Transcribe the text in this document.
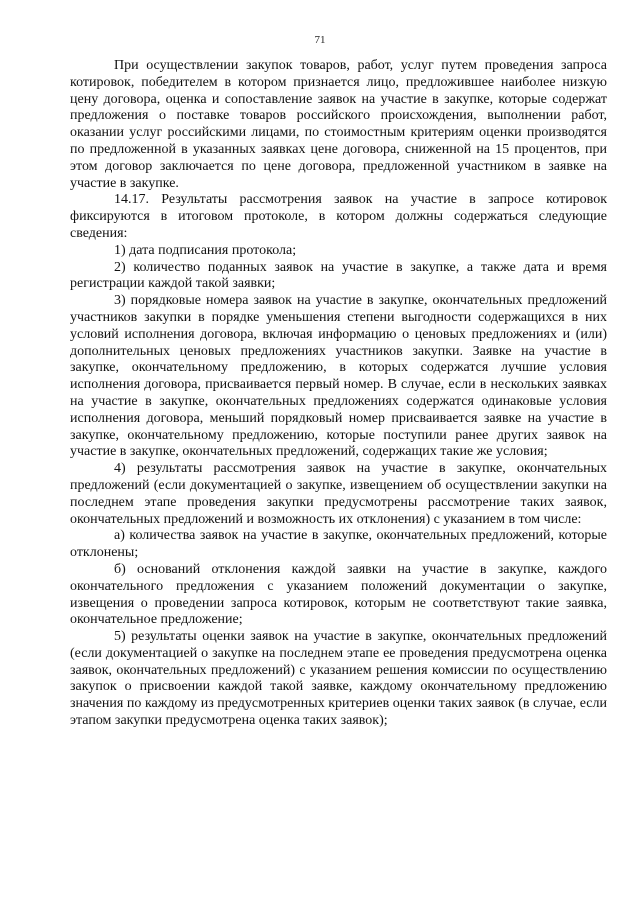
71

При осуществлении закупок товаров, работ, услуг путем проведения запроса котировок, победителем в котором признается лицо, предложившее наиболее низкую цену договора, оценка и сопоставление заявок на участие в закупке, которые содержат предложения о поставке товаров российского происхождения, выполнении работ, оказании услуг российскими лицами, по стоимостным критериям оценки производятся по предложенной в указанных заявках цене договора, сниженной на 15 процентов, при этом договор заключается по цене договора, предложенной участником в заявке на участие в закупке.

14.17. Результаты рассмотрения заявок на участие в запросе котировок фиксируются в итоговом протоколе, в котором должны содержаться следующие сведения:

1) дата подписания протокола;

2) количество поданных заявок на участие в закупке, а также дата и время регистрации каждой такой заявки;

3) порядковые номера заявок на участие в закупке, окончательных предложений участников закупки в порядке уменьшения степени выгодности содержащихся в них условий исполнения договора, включая информацию о ценовых предложениях и (или) дополнительных ценовых предложениях участников закупки. Заявке на участие в закупке, окончательному предложению, в которых содержатся лучшие условия исполнения договора, присваивается первый номер. В случае, если в нескольких заявках на участие в закупке, окончательных предложениях содержатся одинаковые условия исполнения договора, меньший порядковый номер присваивается заявке на участие в закупке, окончательному предложению, которые поступили ранее других заявок на участие в закупке, окончательных предложений, содержащих такие же условия;

4) результаты рассмотрения заявок на участие в закупке, окончательных предложений (если документацией о закупке, извещением об осуществлении закупки на последнем этапе проведения закупки предусмотрены рассмотрение таких заявок, окончательных предложений и возможность их отклонения) с указанием в том числе:

а) количества заявок на участие в закупке, окончательных предложений, которые отклонены;

б) оснований отклонения каждой заявки на участие в закупке, каждого окончательного предложения с указанием положений документации о закупке, извещения о проведении запроса котировок, которым не соответствуют такие заявка, окончательное предложение;

5) результаты оценки заявок на участие в закупке, окончательных предложений (если документацией о закупке на последнем этапе ее проведения предусмотрена оценка заявок, окончательных предложений) с указанием решения комиссии по осуществлению закупок о присвоении каждой такой заявке, каждому окончательному предложению значения по каждому из предусмотренных критериев оценки таких заявок (в случае, если этапом закупки предусмотрена оценка таких заявок);
